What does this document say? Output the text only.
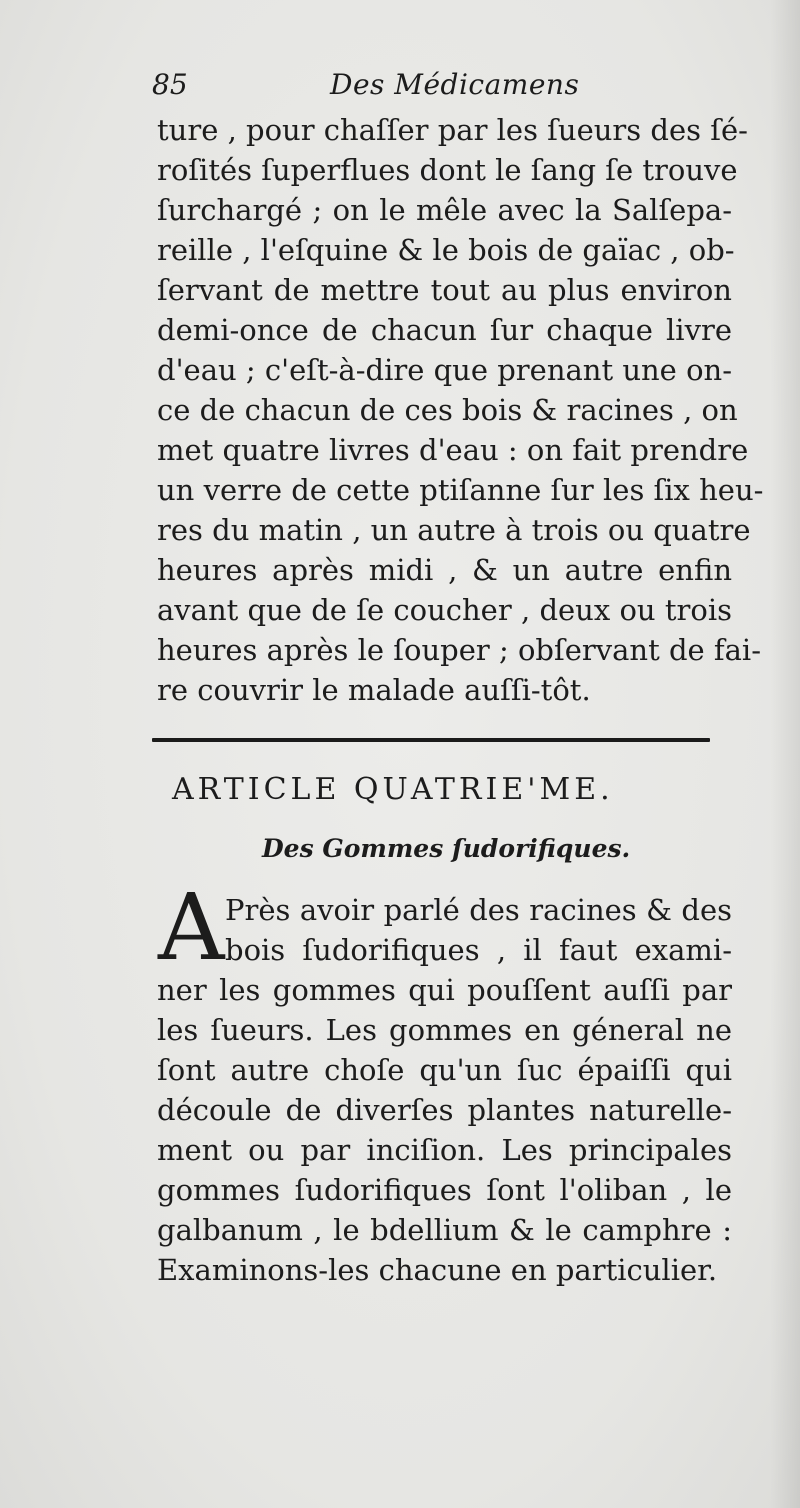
85	Des Médicamens
ture , pour chaſſer par les ſueurs des ſé-
roſités ſuperflues dont le ſang ſe trouve
ſurchargé ; on le mêle avec la Salſepa-
reille , l'eſquine & le bois de gaïac , ob-
ſervant de mettre tout au plus environ
demi-once de chacun ſur chaque livre
d'eau ; c'eſt-à-dire que prenant une on-
ce de chacun de ces bois & racines , on
met quatre livres d'eau : on fait prendre
un verre de cette ptiſanne ſur les ſix heu-
res du matin , un autre à trois ou quatre
heures après midi , & un autre enfin
avant que de ſe coucher , deux ou trois
heures après le ſouper ; obſervant de fai-
re couvrir le malade auſſi-tôt.
ARTICLE QUATRIE'ME.
Des Gommes ſudorifiques.
A Près avoir parlé des racines & des
bois ſudorifiques , il faut exami-
ner les gommes qui pouſſent auſſi par
les ſueurs. Les gommes en géneral ne
ſont autre choſe qu'un ſuc épaiſſi qui
découle de diverſes plantes naturelle-
ment ou par inciſion. Les principales
gommes ſudorifiques ſont l'oliban , le
galbanum , le bdellium & le camphre :
Examinons-les chacune en particulier.
